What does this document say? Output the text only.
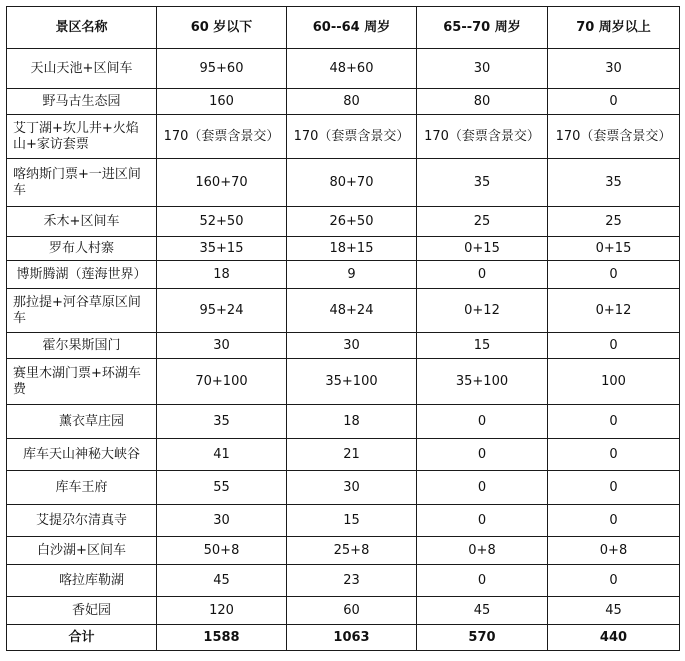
景区名称	60 岁以下	60--64 周岁	65--70 周岁	70 周岁以上
天山天池+区间车	95+60	48+60	30	30
野马古生态园	160	80	80	0
艾丁湖+坎儿井+火焰山+家访套票	170（套票含景交）	170（套票含景交）	170（套票含景交）	170（套票含景交）
喀纳斯门票+一进区间车	160+70	80+70	35	35
禾木+区间车	52+50	26+50	25	25
罗布人村寨	35+15	18+15	0+15	0+15
博斯腾湖（莲海世界）	18	9	0	0
那拉提+河谷草原区间车	95+24	48+24	0+12	0+12
霍尔果斯国门	30	30	15	0
赛里木湖门票+环湖车费	70+100	35+100	35+100	100
薰衣草庄园	35	18	0	0
库车天山神秘大峡谷	41	21	0	0
库车王府	55	30	0	0
艾提尕尔清真寺	30	15	0	0
白沙湖+区间车	50+8	25+8	0+8	0+8
喀拉库勒湖	45	23	0	0
香妃园	120	60	45	45
合计	1588	1063	570	440
